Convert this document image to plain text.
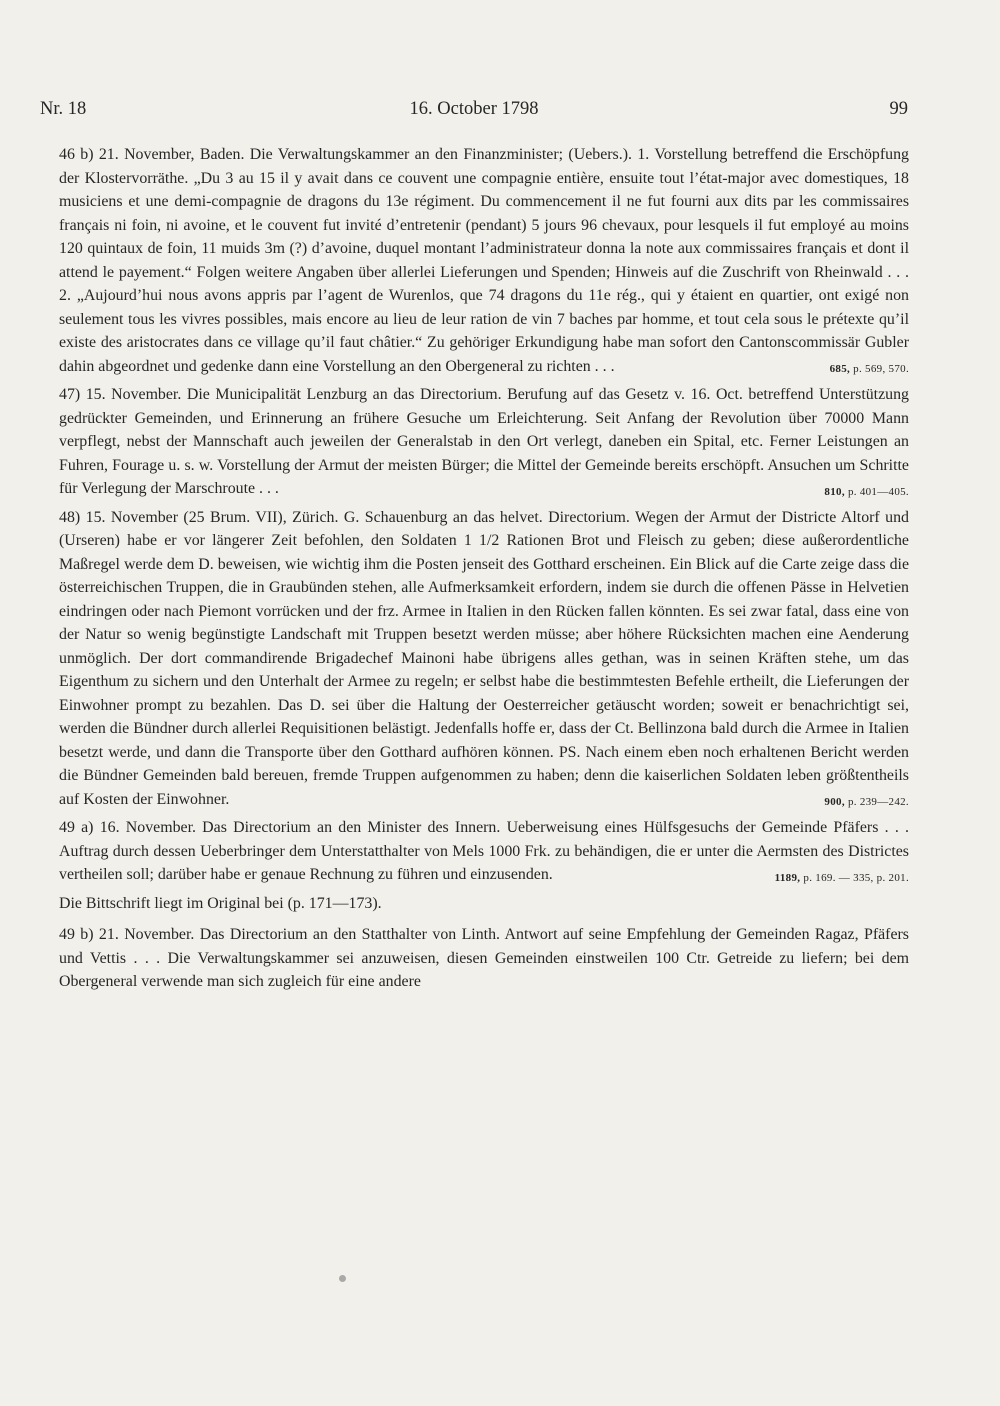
Nr. 18	16. October 1798	99

46 b) 21. November, Baden. Die Verwaltungskammer an den Finanzminister; (Uebers.). 1. Vorstellung betreffend die Erschöpfung der Klostervorräthe. „Du 3 au 15 il y avait dans ce couvent une compagnie entière, ensuite tout l’état-major avec domestiques, 18 musiciens et une demi-compagnie de dragons du 13e régiment. Du commencement il ne fut fourni aux dits par les commissaires français ni foin, ni avoine, et le couvent fut invité d’entretenir (pendant) 5 jours 96 chevaux, pour lesquels il fut employé au moins 120 quintaux de foin, 11 muids 3m (?) d’avoine, duquel montant l’administrateur donna la note aux commissaires français et dont il attend le payement.“ Folgen weitere Angaben über allerlei Lieferungen und Spenden; Hinweis auf die Zuschrift von Rheinwald . . . 2. „Aujourd’hui nous avons appris par l’agent de Wurenlos, que 74 dragons du 11e rég., qui y étaient en quartier, ont exigé non seulement tous les vivres possibles, mais encore au lieu de leur ration de vin 7 baches par homme, et tout cela sous le prétexte qu’il existe des aristocrates dans ce village qu’il faut châtier.“ Zu gehöriger Erkundigung habe man sofort den Cantonscommissär Gubler dahin abgeordnet und gedenke dann eine Vorstellung an den Obergeneral zu richten . . .	685, p. 569, 570.

47) 15. November. Die Municipalität Lenzburg an das Directorium. Berufung auf das Gesetz v. 16. Oct. betreffend Unterstützung gedrückter Gemeinden, und Erinnerung an frühere Gesuche um Erleichterung. Seit Anfang der Revolution über 70000 Mann verpflegt, nebst der Mannschaft auch jeweilen der Generalstab in den Ort verlegt, daneben ein Spital, etc. Ferner Leistungen an Fuhren, Fourage u. s. w. Vorstellung der Armut der meisten Bürger; die Mittel der Gemeinde bereits erschöpft. Ansuchen um Schritte für Verlegung der Marschroute . . .	810, p. 401—405.

48) 15. November (25 Brum. VII), Zürich. G. Schauenburg an das helvet. Directorium. Wegen der Armut der Districte Altorf und (Urseren) habe er vor längerer Zeit befohlen, den Soldaten 1 1/2 Rationen Brot und Fleisch zu geben; diese außerordentliche Maßregel werde dem D. beweisen, wie wichtig ihm die Posten jenseit des Gotthard erscheinen. Ein Blick auf die Carte zeige dass die österreichischen Truppen, die in Graubünden stehen, alle Aufmerksamkeit erfordern, indem sie durch die offenen Pässe in Helvetien eindringen oder nach Piemont vorrücken und der frz. Armee in Italien in den Rücken fallen könnten. Es sei zwar fatal, dass eine von der Natur so wenig begünstigte Landschaft mit Truppen besetzt werden müsse; aber höhere Rücksichten machen eine Aenderung unmöglich. Der dort commandirende Brigadechef Mainoni habe übrigens alles gethan, was in seinen Kräften stehe, um das Eigenthum zu sichern und den Unterhalt der Armee zu regeln; er selbst habe die bestimmtesten Befehle ertheilt, die Lieferungen der Einwohner prompt zu bezahlen. Das D. sei über die Haltung der Oesterreicher getäuscht worden; soweit er benachrichtigt sei, werden die Bündner durch allerlei Requisitionen belästigt. Jedenfalls hoffe er, dass der Ct. Bellinzona bald durch die Armee in Italien besetzt werde, und dann die Transporte über den Gotthard aufhören können. PS. Nach einem eben noch erhaltenen Bericht werden die Bündner Gemeinden bald bereuen, fremde Truppen aufgenommen zu haben; denn die kaiserlichen Soldaten leben größtentheils auf Kosten der Einwohner.	900, p. 239—242.

49 a) 16. November. Das Directorium an den Minister des Innern. Ueberweisung eines Hülfsgesuchs der Gemeinde Pfäfers . . . Auftrag durch dessen Ueberbringer dem Unterstatthalter von Mels 1000 Frk. zu behändigen, die er unter die Aermsten des Districtes vertheilen soll; darüber habe er genaue Rechnung zu führen und einzusenden.	1189, p. 169. — 335, p. 201.

Die Bittschrift liegt im Original bei (p. 171—173).

49 b) 21. November. Das Directorium an den Statthalter von Linth. Antwort auf seine Empfehlung der Gemeinden Ragaz, Pfäfers und Vettis . . . Die Verwaltungskammer sei anzuweisen, diesen Gemeinden einstweilen 100 Ctr. Getreide zu liefern; bei dem Obergeneral verwende man sich zugleich für eine andere
